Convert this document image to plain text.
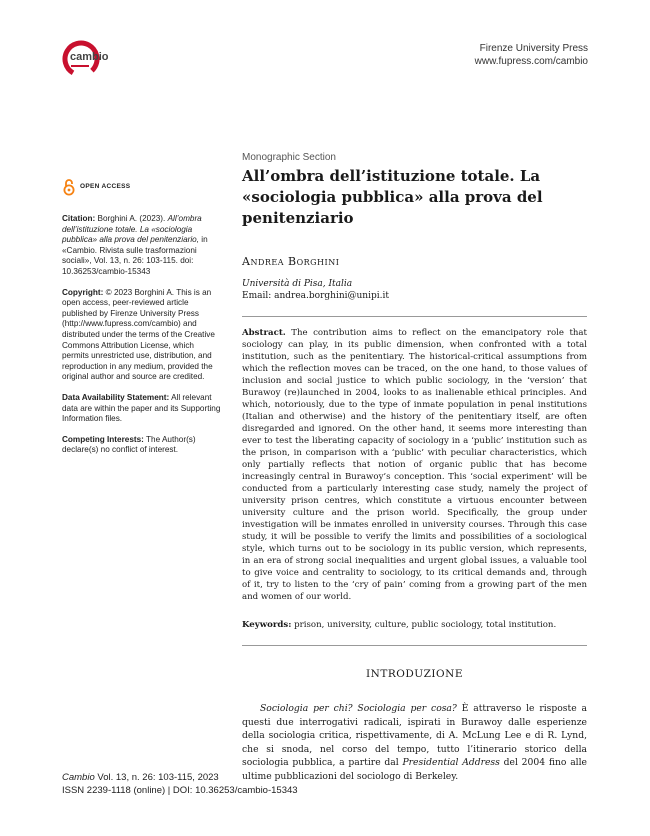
cambio
Firenze University Press
www.fupress.com/cambio
OPEN ACCESS
Citation: Borghini A. (2023). All’ombra dell’istituzione totale. La «sociologia pubblica» alla prova del penitenziario, in «Cambio. Rivista sulle trasformazioni sociali», Vol. 13, n. 26: 103-115. doi: 10.36253/cambio-15343
Copyright: © 2023 Borghini A. This is an open access, peer-reviewed article published by Firenze University Press (http://www.fupress.com/cambio) and distributed under the terms of the Creative Commons Attribution License, which permits unrestricted use, distribution, and reproduction in any medium, provided the original author and source are credited.
Data Availability Statement: All relevant data are within the paper and its Supporting Information files.
Competing Interests: The Author(s) declare(s) no conflict of interest.
Monographic Section
All’ombra dell’istituzione totale. La «sociologia pubblica» alla prova del penitenziario
Andrea Borghini
Università di Pisa, Italia
Email: andrea.borghini@unipi.it
Abstract. The contribution aims to reflect on the emancipatory role that sociology can play, in its public dimension, when confronted with a total institution, such as the penitentiary. The historical-critical assumptions from which the reflection moves can be traced, on the one hand, to those values of inclusion and social justice to which public sociology, in the ‘version’ that Burawoy (re)launched in 2004, looks to as inalienable ethical principles. And which, notoriously, due to the type of inmate population in penal institutions (Italian and otherwise) and the history of the penitentiary itself, are often disregarded and ignored. On the other hand, it seems more interesting than ever to test the liberating capacity of sociology in a ‘public’ institution such as the prison, in comparison with a ‘public’ with peculiar characteristics, which only partially reflects that notion of organic public that has become increasingly central in Burawoy’s conception. This ‘social experiment’ will be conducted from a particularly interesting case study, namely the project of university prison centres, which constitute a virtuous encounter between university culture and the prison world. Specifically, the group under investigation will be inmates enrolled in university courses. Through this case study, it will be possible to verify the limits and possibilities of a sociological style, which turns out to be sociology in its public version, which represents, in an era of strong social inequalities and urgent global issues, a valuable tool to give voice and centrality to sociology, to its critical demands and, through of it, try to listen to the ‘cry of pain’ coming from a growing part of the men and women of our world.
Keywords: prison, university, culture, public sociology, total institution.
INTRODUZIONE

Sociologia per chi? Sociologia per cosa? È attraverso le risposte a questi due interrogativi radicali, ispirati in Burawoy dalle esperienze della sociologia critica, rispettivamente, di A. McLung Lee e di R. Lynd, che si snoda, nel corso del tempo, tutto l’itinerario storico della sociologia pubblica, a partire dal Presidential Address del 2004 fino alle ultime pubblicazioni del sociologo di Berkeley.

Cambio Vol. 13, n. 26: 103-115, 2023
ISSN 2239-1118 (online) | DOI: 10.36253/cambio-15343
